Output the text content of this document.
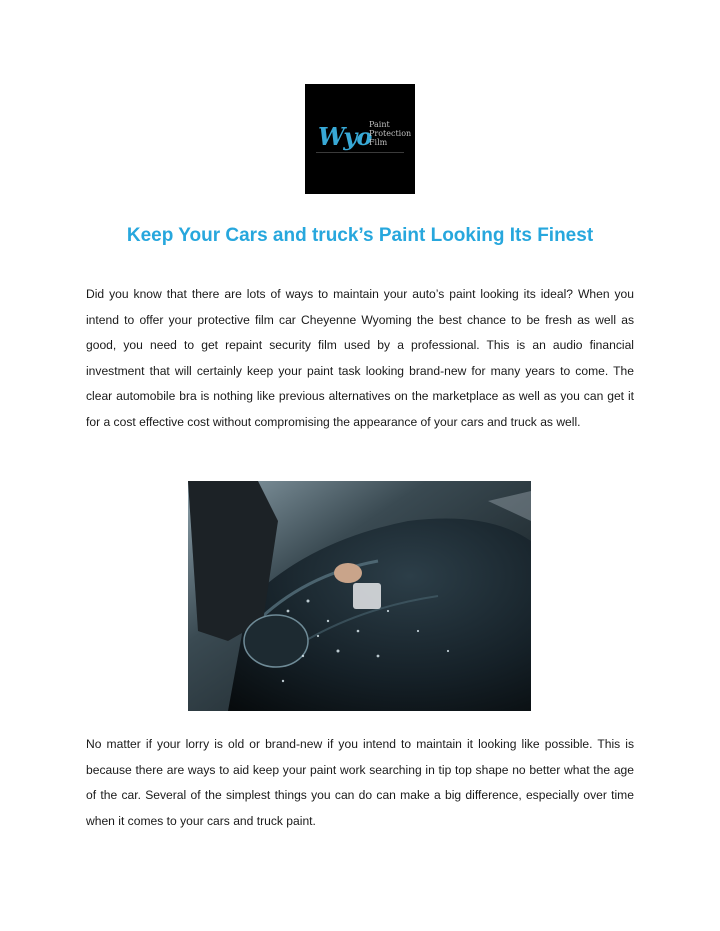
Wyo
Paint
Protection
Film
Keep Your Cars and truck’s Paint Looking Its Finest

Did you know that there are lots of ways to maintain your auto’s paint looking its ideal? When you intend to offer your protective film car Cheyenne Wyoming the best chance to be fresh as well as good, you need to get repaint security film used by a professional. This is an audio financial investment that will certainly keep your paint task looking brand-new for many years to come. The clear automobile bra is nothing like previous alternatives on the marketplace as well as you can get it for a cost effective cost without compromising the appearance of your cars and truck as well.

No matter if your lorry is old or brand-new if you intend to maintain it looking like possible. This is because there are ways to aid keep your paint work searching in tip top shape no better what the age of the car. Several of the simplest things you can do can make a big difference, especially over time when it comes to your cars and truck paint.
